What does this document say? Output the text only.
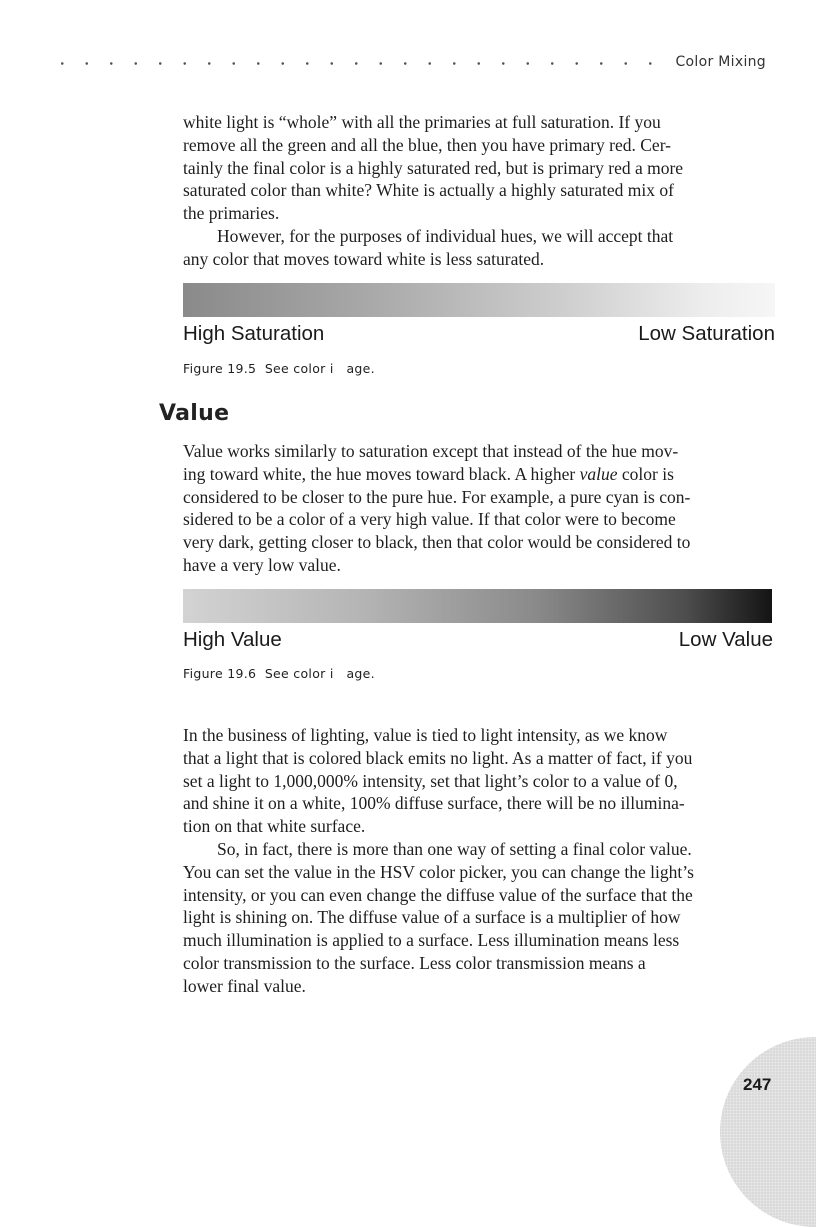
Color Mixing

white light is “whole” with all the primaries at full saturation. If you
remove all the green and all the blue, then you have primary red. Cer-
tainly the final color is a highly saturated red, but is primary red a more
saturated color than white? White is actually a highly saturated mix of
the primaries.

However, for the purposes of individual hues, we will accept that
any color that moves toward white is less saturated.

High Saturation	Low Saturation
Figure 19.5  See color i   age.
Value

Value works similarly to saturation except that instead of the hue mov-
ing toward white, the hue moves toward black. A higher value color is
considered to be closer to the pure hue. For example, a pure cyan is con-
sidered to be a color of a very high value. If that color were to become
very dark, getting closer to black, then that color would be considered to
have a very low value.

High Value	Low Value
Figure 19.6  See color i   age.

In the business of lighting, value is tied to light intensity, as we know
that a light that is colored black emits no light. As a matter of fact, if you
set a light to 1,000,000% intensity, set that light’s color to a value of 0,
and shine it on a white, 100% diffuse surface, there will be no illumina-
tion on that white surface.

So, in fact, there is more than one way of setting a final color value.
You can set the value in the HSV color picker, you can change the light’s
intensity, or you can even change the diffuse value of the surface that the
light is shining on. The diffuse value of a surface is a multiplier of how
much illumination is applied to a surface. Less illumination means less
color transmission to the surface. Less color transmission means a
lower final value.

247
